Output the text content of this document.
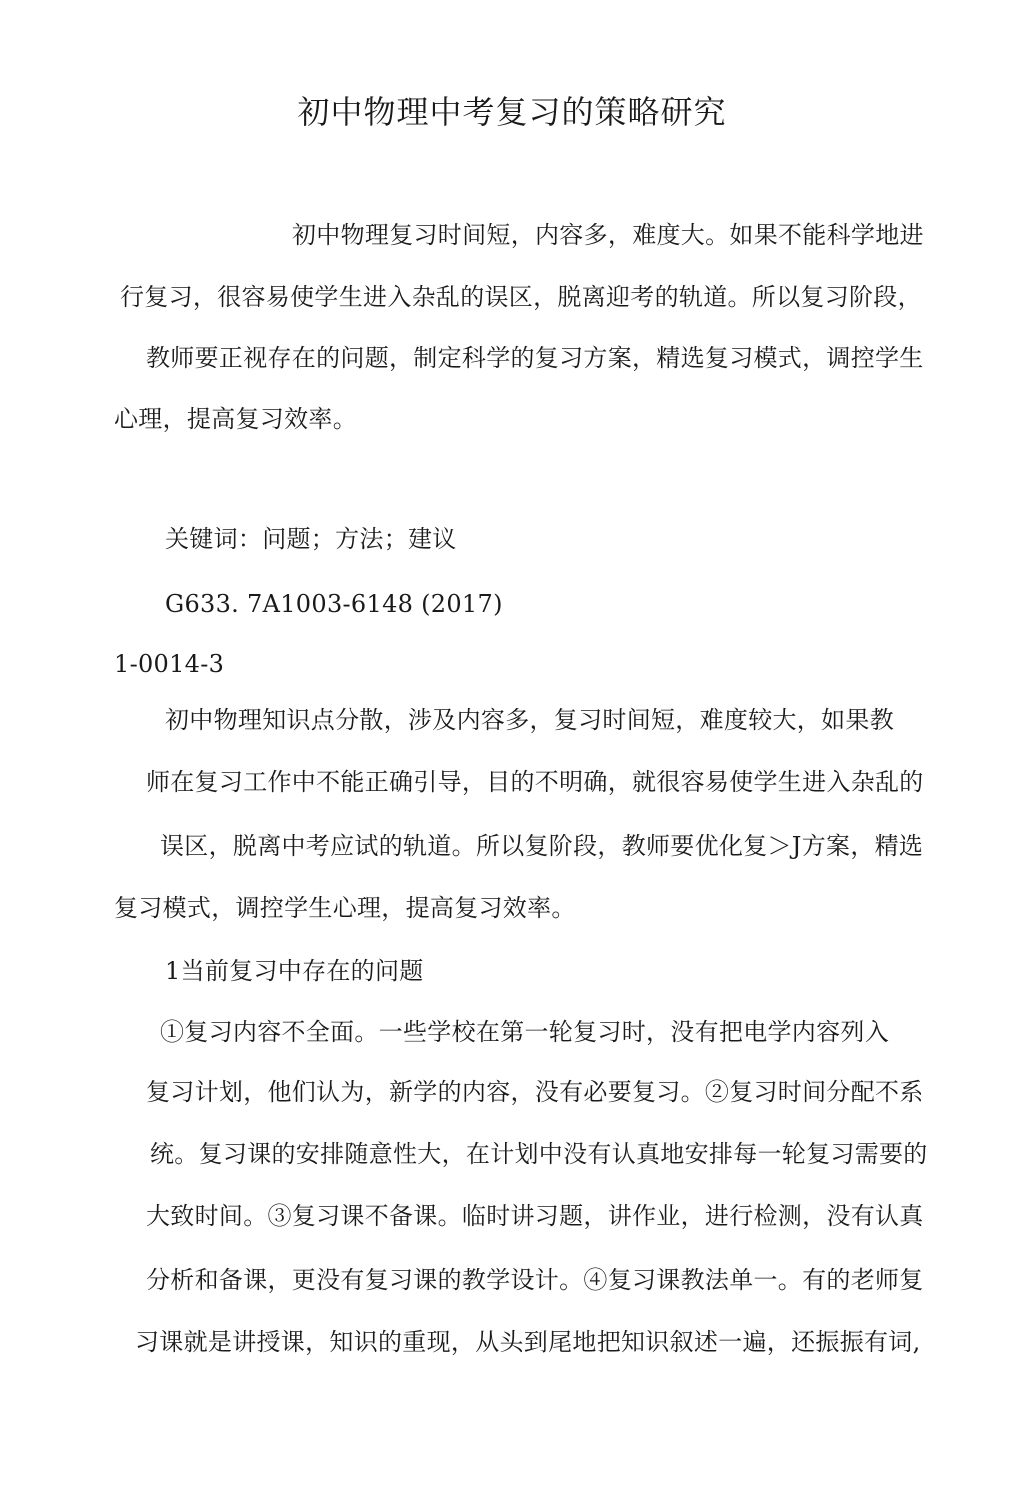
初中物理中考复习的策略研究
初中物理复习时间短，内容多，难度大。如果不能科学地进
行复习，很容易使学生进入杂乱的误区，脱离迎考的轨道。所以复习阶段，
教师要正视存在的问题，制定科学的复习方案，精选复习模式，调控学生
心理，提高复习效率。
关键词：问题；方法；建议
G633. 7A1003-6148 (2017)
1-0014-3
初中物理知识点分散，涉及内容多，复习时间短，难度较大，如果教
师在复习工作中不能正确引导，目的不明确，就很容易使学生进入杂乱的
误区，脱离中考应试的轨道。所以复阶段，教师要优化复＞J方案，精选
复习模式，调控学生心理，提高复习效率。
1当前复习中存在的问题
①复习内容不全面。一些学校在第一轮复习时，没有把电学内容列入
复习计划，他们认为，新学的内容，没有必要复习。②复习时间分配不系
统。复习课的安排随意性大，在计划中没有认真地安排每一轮复习需要的
大致时间。③复习课不备课。临时讲习题，讲作业，进行检测，没有认真
分析和备课，更没有复习课的教学设计。④复习课教法单一。有的老师复
习课就是讲授课，知识的重现，从头到尾地把知识叙述一遍，还振振有词,
